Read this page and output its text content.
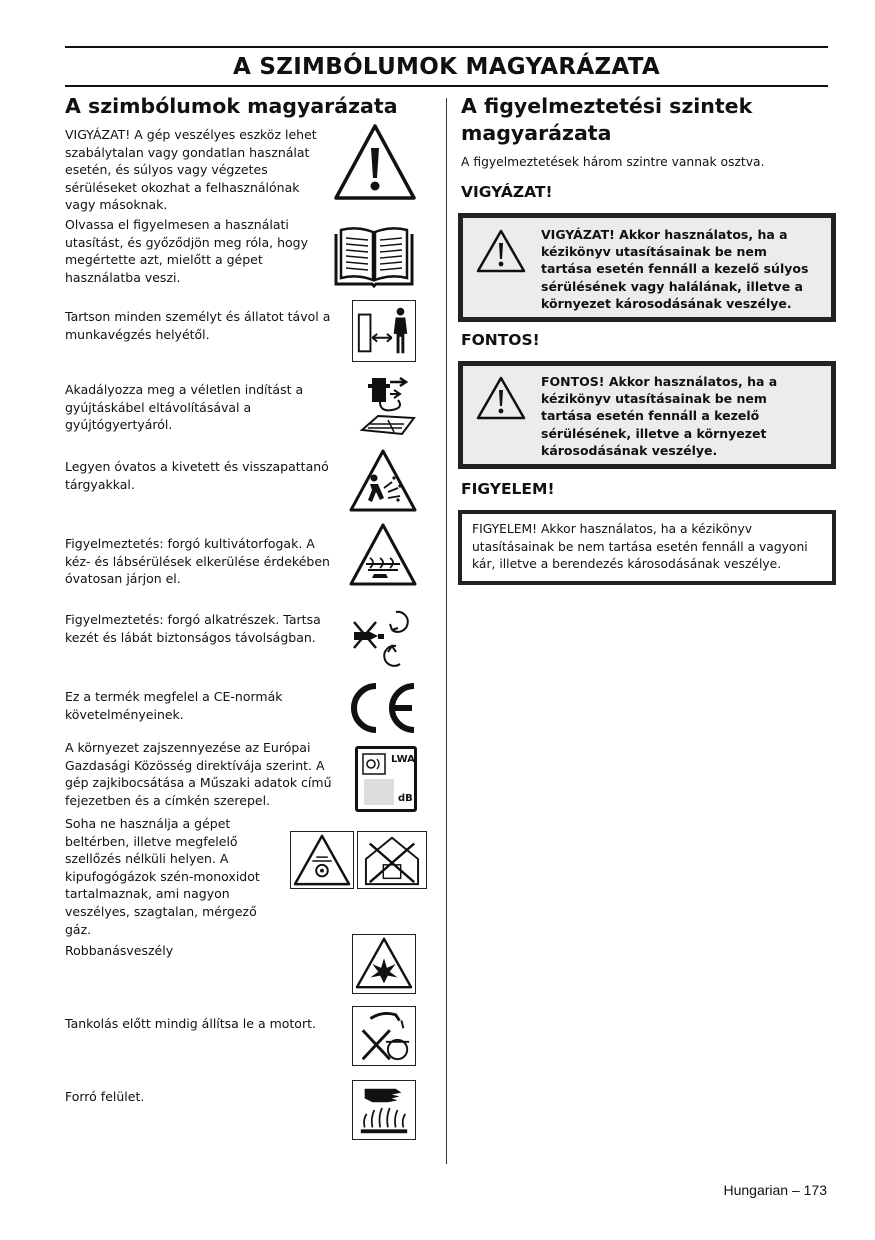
A SZIMBÓLUMOK MAGYARÁZATA
A szimbólumok magyarázata
VIGYÁZAT! A gép veszélyes eszköz lehet szabálytalan vagy gondatlan használat esetén, és súlyos vagy végzetes sérüléseket okozhat a felhasználónak vagy másoknak.
Olvassa el figyelmesen a használati utasítást, és győződjön meg róla, hogy megértette azt, mielőtt a gépet használatba veszi.
Tartson minden személyt és állatot távol a munkavégzés helyétől.
Akadályozza meg a véletlen indítást a gyújtáskábel eltávolításával a gyújtógyertyáról.
Legyen óvatos a kivetett és visszapattanó tárgyakkal.
Figyelmeztetés: forgó kultivátorfogak. A kéz- és lábsérülések elkerülése érdekében óvatosan járjon el.
Figyelmeztetés: forgó alkatrészek. Tartsa kezét és lábát biztonságos távolságban.
Ez a termék megfelel a CE-normák követelményeinek.
A környezet zajszennyezése az Európai Gazdasági Közösség direktívája szerint. A gép zajkibocsátása a Műszaki adatok című fejezetben és a címkén szerepel.
LWA
dB
Soha ne használja a gépet beltérben, illetve megfelelő szellőzés nélküli helyen. A kipufogógázok szén-monoxidot tartalmaznak, ami nagyon veszélyes, szagtalan, mérgező gáz.
Robbanásveszély
Tankolás előtt mindig állítsa le a motort.
Forró felület.
A figyelmeztetési szintek magyarázata
A figyelmeztetések három szintre vannak osztva.
VIGYÁZAT!
VIGYÁZAT! Akkor használatos, ha a kézikönyv utasításainak be nem tartása esetén fennáll a kezelő súlyos sérülésének vagy halálának, illetve a környezet károsodásának veszélye.
FONTOS!
FONTOS! Akkor használatos, ha a kézikönyv utasításainak be nem tartása esetén fennáll a kezelő sérülésének, illetve a környezet károsodásának veszélye.
FIGYELEM!
FIGYELEM! Akkor használatos, ha a kézikönyv utasításainak be nem tartása esetén fennáll a vagyoni kár, illetve a berendezés károsodásának veszélye.
Hungarian – 173
